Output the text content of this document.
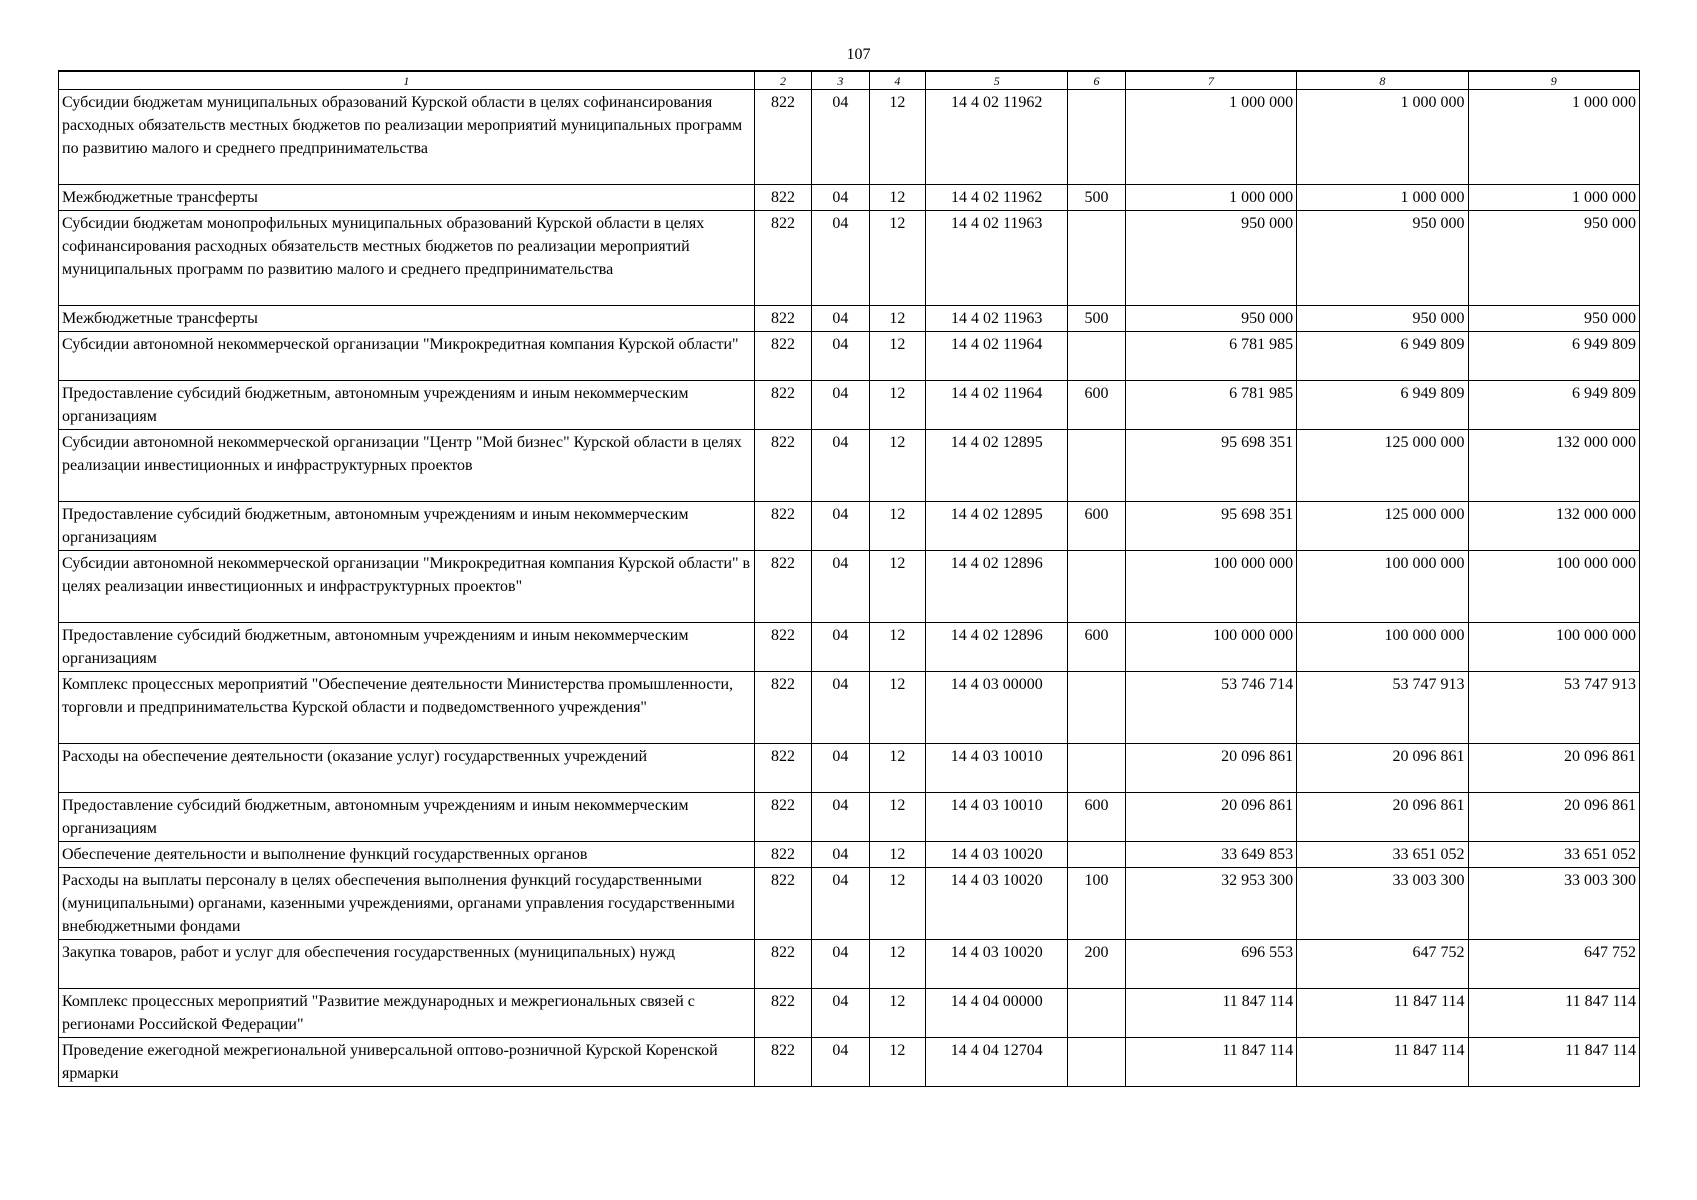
107
1	2	3	4	5	6	7	8	9
Субсидии бюджетам муниципальных образований Курской области в целях софинансирования расходных обязательств местных бюджетов по реализации мероприятий муниципальных программ по развитию малого и среднего предпринимательства	822	04	12	14 4 02 11962		1 000 000	1 000 000	1 000 000
Межбюджетные трансферты	822	04	12	14 4 02 11962	500	1 000 000	1 000 000	1 000 000
Субсидии бюджетам монопрофильных муниципальных образований Курской области в целях софинансирования расходных обязательств местных бюджетов по реализации мероприятий муниципальных программ по развитию малого и среднего предпринимательства	822	04	12	14 4 02 11963		950 000	950 000	950 000
Межбюджетные трансферты	822	04	12	14 4 02 11963	500	950 000	950 000	950 000
Субсидии автономной некоммерческой организации "Микрокредитная компания Курской области"	822	04	12	14 4 02 11964		6 781 985	6 949 809	6 949 809
Предоставление субсидий бюджетным, автономным учреждениям и иным некоммерческим организациям	822	04	12	14 4 02 11964	600	6 781 985	6 949 809	6 949 809
Субсидии автономной некоммерческой организации "Центр "Мой бизнес" Курской области в целях реализации инвестиционных и инфраструктурных проектов	822	04	12	14 4 02 12895		95 698 351	125 000 000	132 000 000
Предоставление субсидий бюджетным, автономным учреждениям и иным некоммерческим организациям	822	04	12	14 4 02 12895	600	95 698 351	125 000 000	132 000 000
Субсидии автономной некоммерческой организации "Микрокредитная компания Курской области" в целях реализации инвестиционных и инфраструктурных проектов"	822	04	12	14 4 02 12896		100 000 000	100 000 000	100 000 000
Предоставление субсидий бюджетным, автономным учреждениям и иным некоммерческим организациям	822	04	12	14 4 02 12896	600	100 000 000	100 000 000	100 000 000
Комплекс процессных мероприятий "Обеспечение деятельности Министерства промышленности, торговли и предпринимательства Курской области и подведомственного учреждения"	822	04	12	14 4 03 00000		53 746 714	53 747 913	53 747 913
Расходы на обеспечение деятельности (оказание услуг) государственных учреждений	822	04	12	14 4 03 10010		20 096 861	20 096 861	20 096 861
Предоставление субсидий бюджетным, автономным учреждениям и иным некоммерческим организациям	822	04	12	14 4 03 10010	600	20 096 861	20 096 861	20 096 861
Обеспечение деятельности и выполнение функций государственных органов	822	04	12	14 4 03 10020		33 649 853	33 651 052	33 651 052
Расходы на выплаты персоналу в целях обеспечения выполнения функций государственными (муниципальными) органами, казенными учреждениями, органами управления государственными внебюджетными фондами	822	04	12	14 4 03 10020	100	32 953 300	33 003 300	33 003 300
Закупка товаров, работ и услуг для обеспечения государственных (муниципальных) нужд	822	04	12	14 4 03 10020	200	696 553	647 752	647 752
Комплекс процессных мероприятий "Развитие международных и межрегиональных связей с регионами Российской Федерации"	822	04	12	14 4 04 00000		11 847 114	11 847 114	11 847 114
Проведение ежегодной межрегиональной универсальной оптово-розничной Курской Коренской ярмарки	822	04	12	14 4 04 12704		11 847 114	11 847 114	11 847 114
